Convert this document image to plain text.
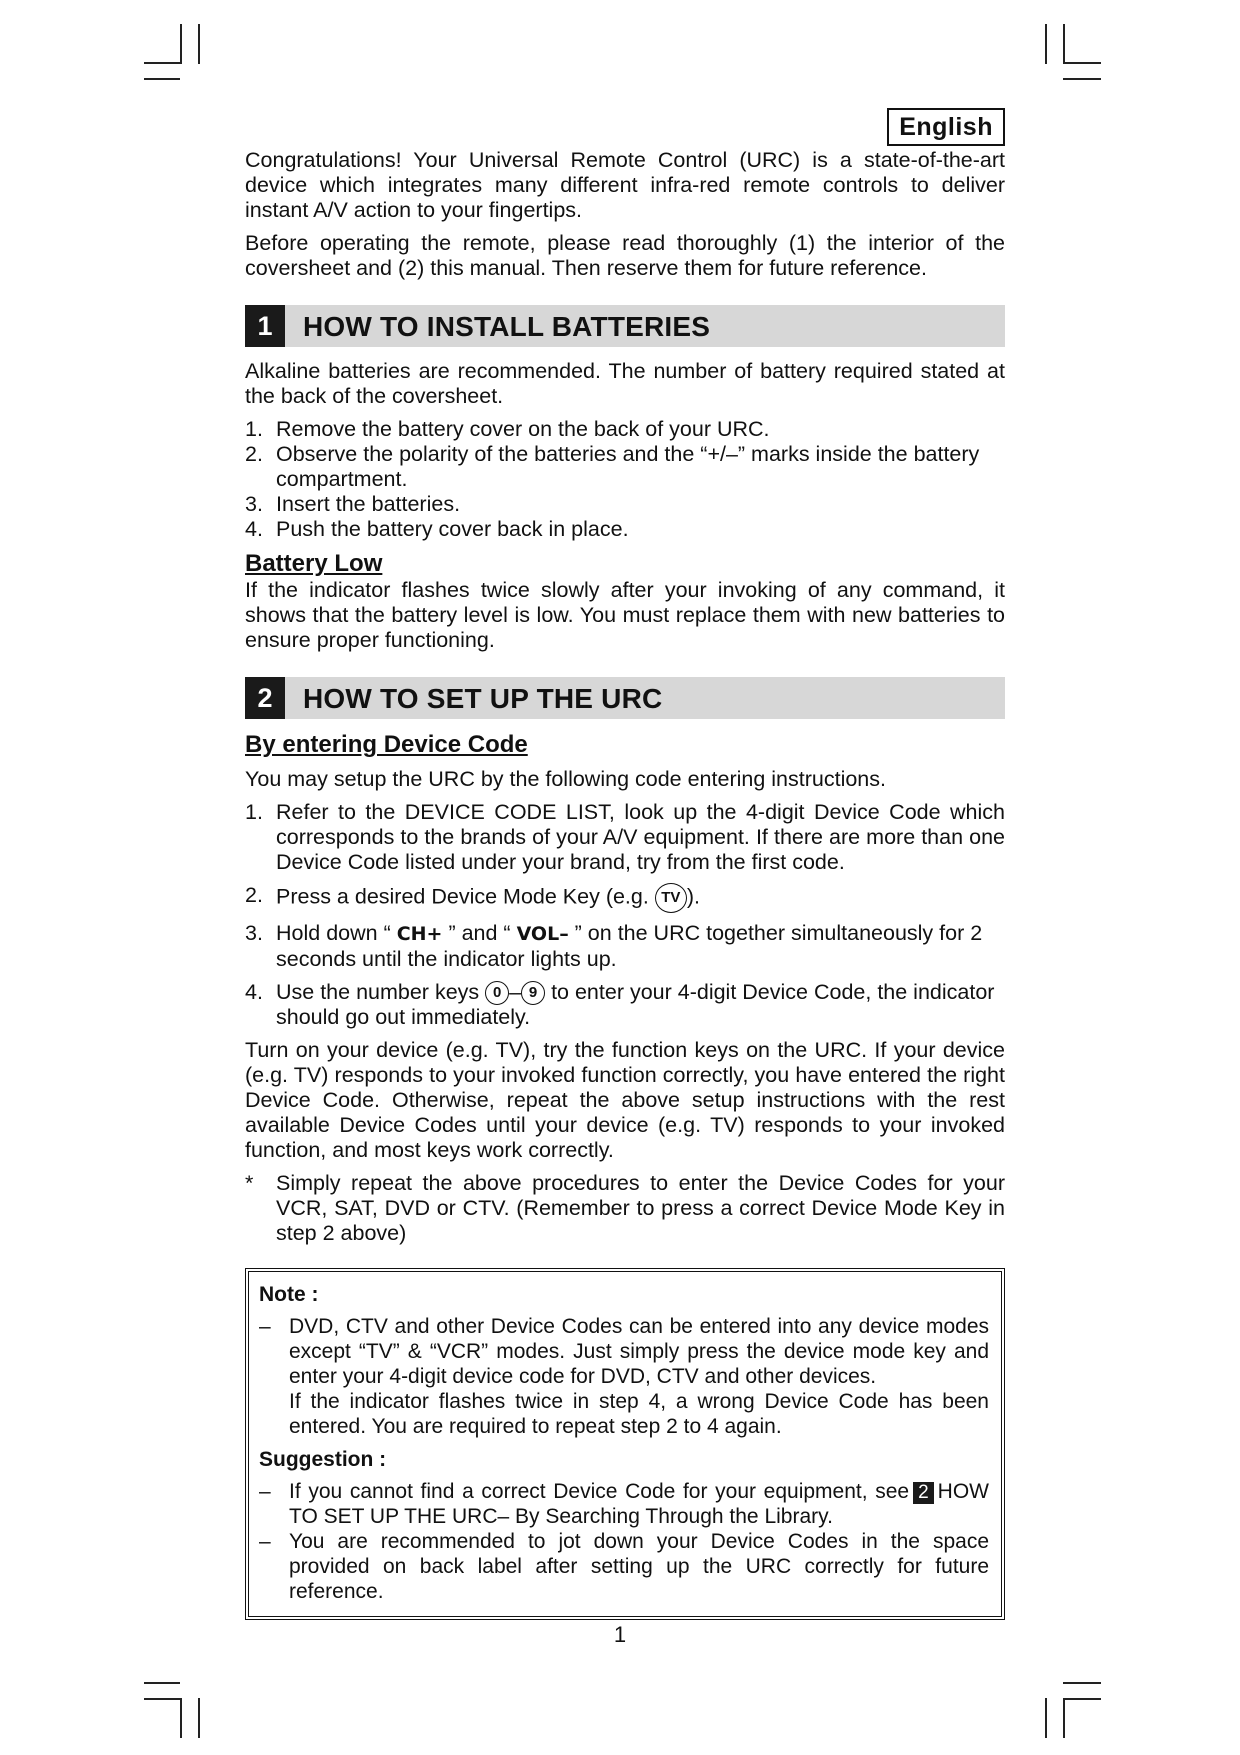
English

Congratulations! Your Universal Remote Control (URC) is a state-of-the-art device which integrates many different infra-red remote controls to deliver instant A/V action to your fingertips.

Before operating the remote, please read thoroughly (1) the interior of the coversheet and (2) this manual. Then reserve them for future reference.

1	HOW TO INSTALL BATTERIES

Alkaline batteries are recommended. The number of battery required stated at the back of the coversheet.

1. Remove the battery cover on the back of your URC.
2. Observe the polarity of the batteries and the “+/–” marks inside the battery compartment.
3. Insert the batteries.
4. Push the battery cover back in place.
Battery Low

If the indicator flashes twice slowly after your invoking of any command, it shows that the battery level is low. You must replace them with new batteries to ensure proper functioning.

2	HOW TO SET UP THE URC
By entering Device Code

You may setup the URC by the following code entering instructions.

1. Refer to the DEVICE CODE LIST, look up the 4-digit Device Code which corresponds to the brands of your A/V equipment. If there are more than one Device Code listed under your brand, try from the first code.
2. Press a desired Device Mode Key (e.g. TV ).
3. Hold down “ CH+ ” and “ VOL– ” on the URC together simultaneously for 2 seconds until the indicator lights up.
4. Use the number keys 0 – 9 to enter your 4-digit Device Code, the indicator should go out immediately.

Turn on your device (e.g. TV), try the function keys on the URC. If your device (e.g. TV) responds to your invoked function correctly, you have entered the right Device Code. Otherwise, repeat the above setup instructions with the rest available Device Codes until your device (e.g. TV) responds to your invoked function, and most keys work correctly.

* Simply repeat the above procedures to enter the Device Codes for your VCR, SAT, DVD or CTV. (Remember to press a correct Device Mode Key in step 2 above)
Note :
– DVD, CTV and other Device Codes can be entered into any device modes except “TV” & “VCR” modes. Just simply press the device mode key and enter your 4-digit device code for DVD, CTV and other devices.
If the indicator flashes twice in step 4, a wrong Device Code has been entered. You are required to repeat step 2 to 4 again.
Suggestion :
– If you cannot find a correct Device Code for your equipment, see 2 HOW TO SET UP THE URC– By Searching Through the Library.
– You are recommended to jot down your Device Codes in the space provided on back label after setting up the URC correctly for future reference.
1
